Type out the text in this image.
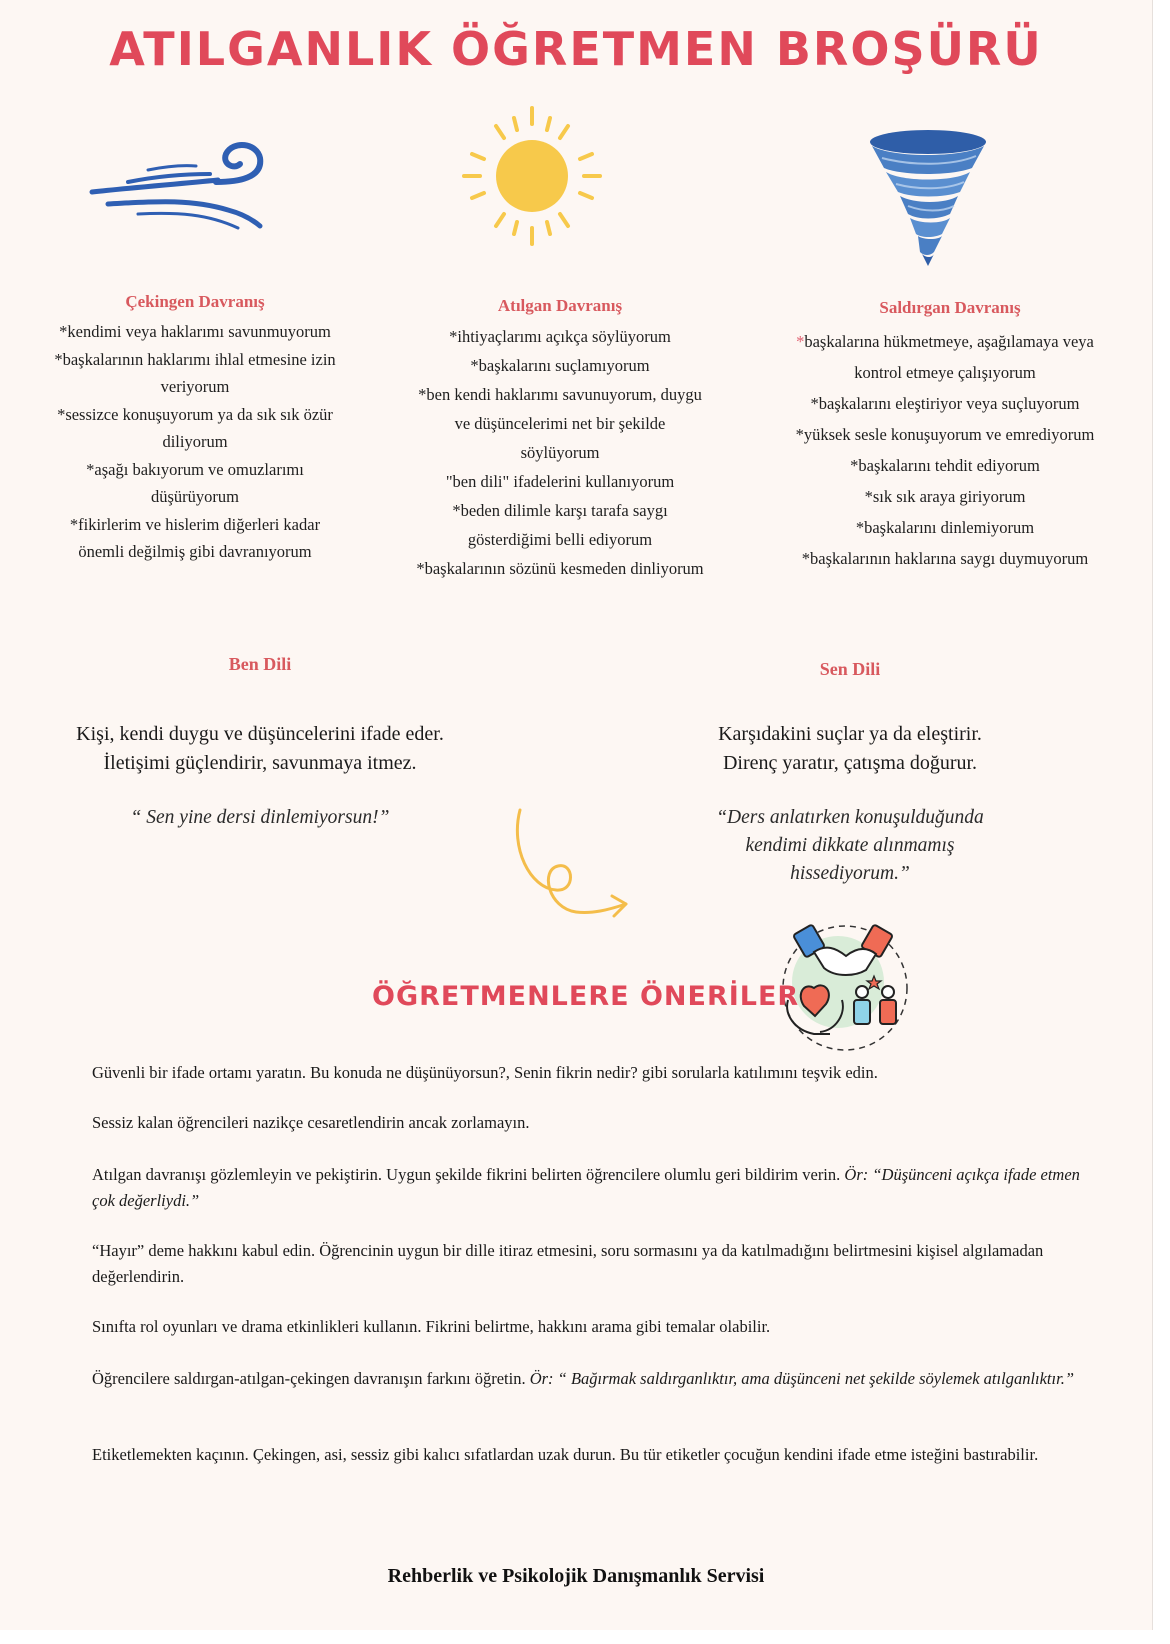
ATILGANLIK ÖĞRETMEN BROŞÜRÜ
Çekingen Davranış
*kendimi veya haklarımı savunmuyorum
*başkalarının haklarımı ihlal etmesine izin
veriyorum
*sessizce konuşuyorum ya da sık sık özür
diliyorum
*aşağı bakıyorum ve omuzlarımı
düşürüyorum
*fikirlerim ve hislerim diğerleri kadar
önemli değilmiş gibi davranıyorum
Atılgan Davranış
*ihtiyaçlarımı açıkça söylüyorum
*başkalarını suçlamıyorum
*ben kendi haklarımı savunuyorum, duygu
ve düşüncelerimi net bir şekilde
söylüyorum
"ben dili" ifadelerini kullanıyorum
*beden dilimle karşı tarafa saygı
gösterdiğimi belli ediyorum
*başkalarının sözünü kesmeden dinliyorum
Saldırgan Davranış
*başkalarına hükmetmeye, aşağılamaya veya
kontrol etmeye çalışıyorum
*başkalarını eleştiriyor veya suçluyorum
*yüksek sesle konuşuyorum ve emrediyorum
*başkalarını tehdit ediyorum
*sık sık araya giriyorum
*başkalarını dinlemiyorum
*başkalarının haklarına saygı duymuyorum
Ben Dili
Kişi, kendi duygu ve düşüncelerini ifade eder.
İletişimi güçlendirir, savunmaya itmez.
“ Sen yine dersi dinlemiyorsun!”
Sen Dili
Karşıdakini suçlar ya da eleştirir.
Direnç yaratır, çatışma doğurur.
“Ders anlatırken konuşulduğunda
kendimi dikkate alınmamış
hissediyorum.”
ÖĞRETMENLERE ÖNERİLER
Güvenli bir ifade ortamı yaratın. Bu konuda ne düşünüyorsun?, Senin fikrin nedir? gibi sorularla katılımını teşvik edin.
Sessiz kalan öğrencileri nazikçe cesaretlendirin ancak zorlamayın.
Atılgan davranışı gözlemleyin ve pekiştirin. Uygun şekilde fikrini belirten öğrencilere olumlu geri bildirim verin. Ör: “Düşünceni açıkça ifade etmen çok değerliydi.”
“Hayır” deme hakkını kabul edin. Öğrencinin uygun bir dille itiraz etmesini, soru sormasını ya da katılmadığını belirtmesini kişisel algılamadan değerlendirin.
Sınıfta rol oyunları ve drama etkinlikleri kullanın. Fikrini belirtme, hakkını arama gibi temalar olabilir.
Öğrencilere saldırgan-atılgan-çekingen davranışın farkını öğretin. Ör: “ Bağırmak saldırganlıktır, ama düşünceni net şekilde söylemek atılganlıktır.”
Etiketlemekten kaçının. Çekingen, asi, sessiz gibi kalıcı sıfatlardan uzak durun. Bu tür etiketler çocuğun kendini ifade etme isteğini bastırabilir.
Rehberlik ve Psikolojik Danışmanlık Servisi
